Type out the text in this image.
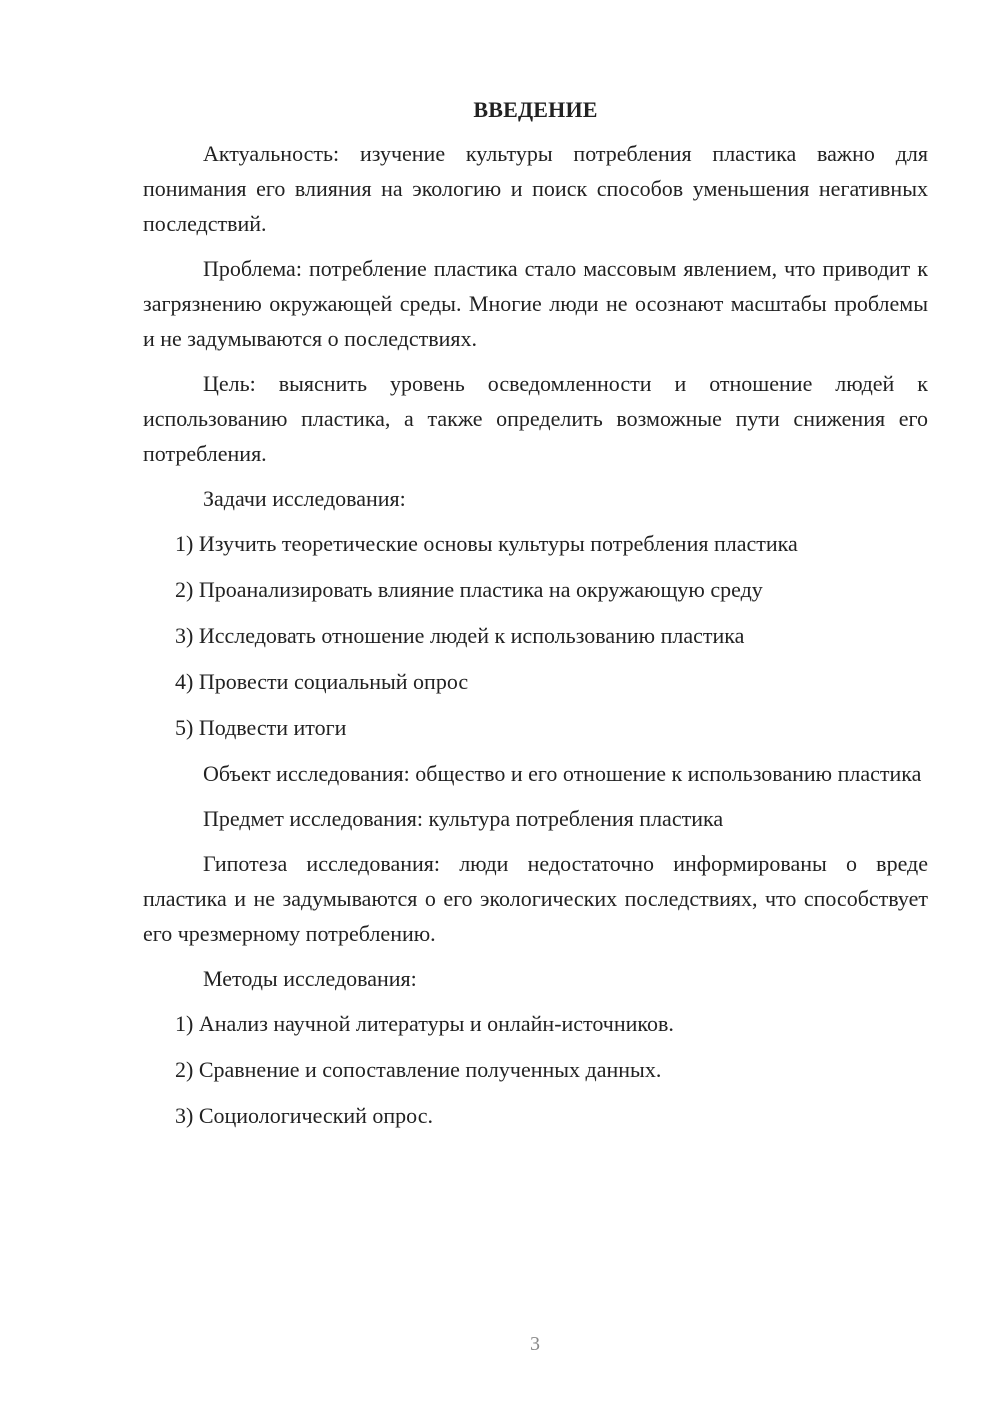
ВВЕДЕНИЕ

Актуальность: изучение культуры потребления пластика важно для понимания его влияния на экологию и поиск способов уменьшения негативных последствий.

Проблема: потребление пластика стало массовым явлением, что приводит к загрязнению окружающей среды. Многие люди не осознают масштабы проблемы и не задумываются о последствиях.

Цель: выяснить уровень осведомленности и отношение людей к использованию пластика, а также определить возможные пути снижения его потребления.

Задачи исследования:

1) Изучить теоретические основы культуры потребления пластика
2) Проанализировать влияние пластика на окружающую среду
3) Исследовать отношение людей к использованию пластика
4) Провести социальный опрос
5) Подвести итоги

Объект исследования: общество и его отношение к использованию пластика

Предмет исследования: культура потребления пластика

Гипотеза исследования: люди недостаточно информированы о вреде пластика и не задумываются о его экологических последствиях, что способствует его чрезмерному потреблению.

Методы исследования:

1) Анализ научной литературы и онлайн-источников.
2) Сравнение и сопоставление полученных данных.
3) Социологический опрос.
3
